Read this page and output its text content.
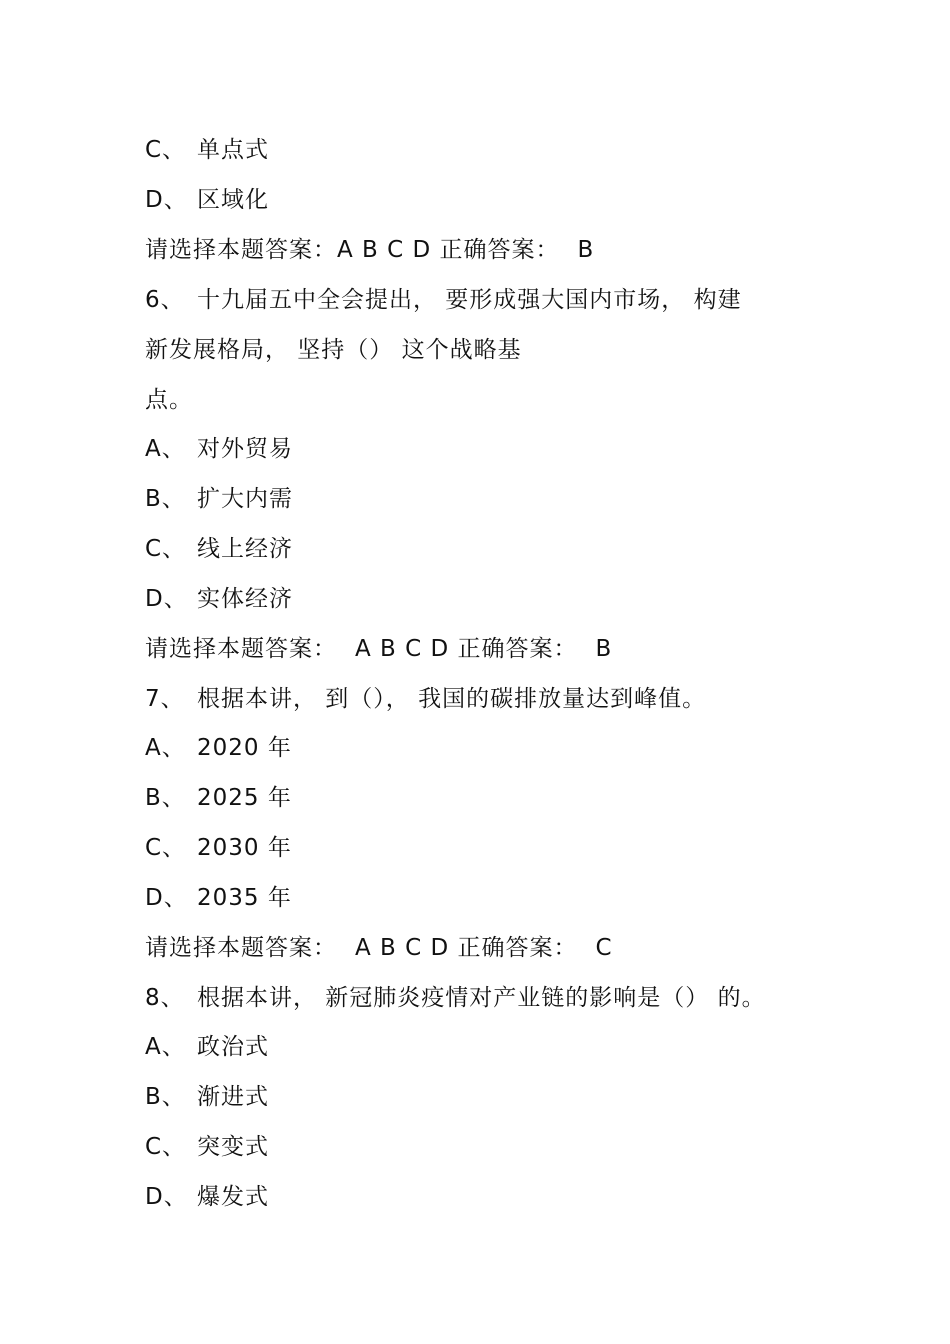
C、 单点式
D、 区域化
请选择本题答案：A B C D 正确答案： B
6、 十九届五中全会提出， 要形成强大国内市场， 构建
新发展格局， 坚持（） 这个战略基
点。
A、 对外贸易
B、 扩大内需
C、 线上经济
D、 实体经济
请选择本题答案： A B C D 正确答案： B
7、 根据本讲， 到（）， 我国的碳排放量达到峰值。
A、 2020 年
B、 2025 年
C、 2030 年
D、 2035 年
请选择本题答案： A B C D 正确答案： C
8、 根据本讲， 新冠肺炎疫情对产业链的影响是（） 的。
A、 政治式
B、 渐进式
C、 突变式
D、 爆发式
